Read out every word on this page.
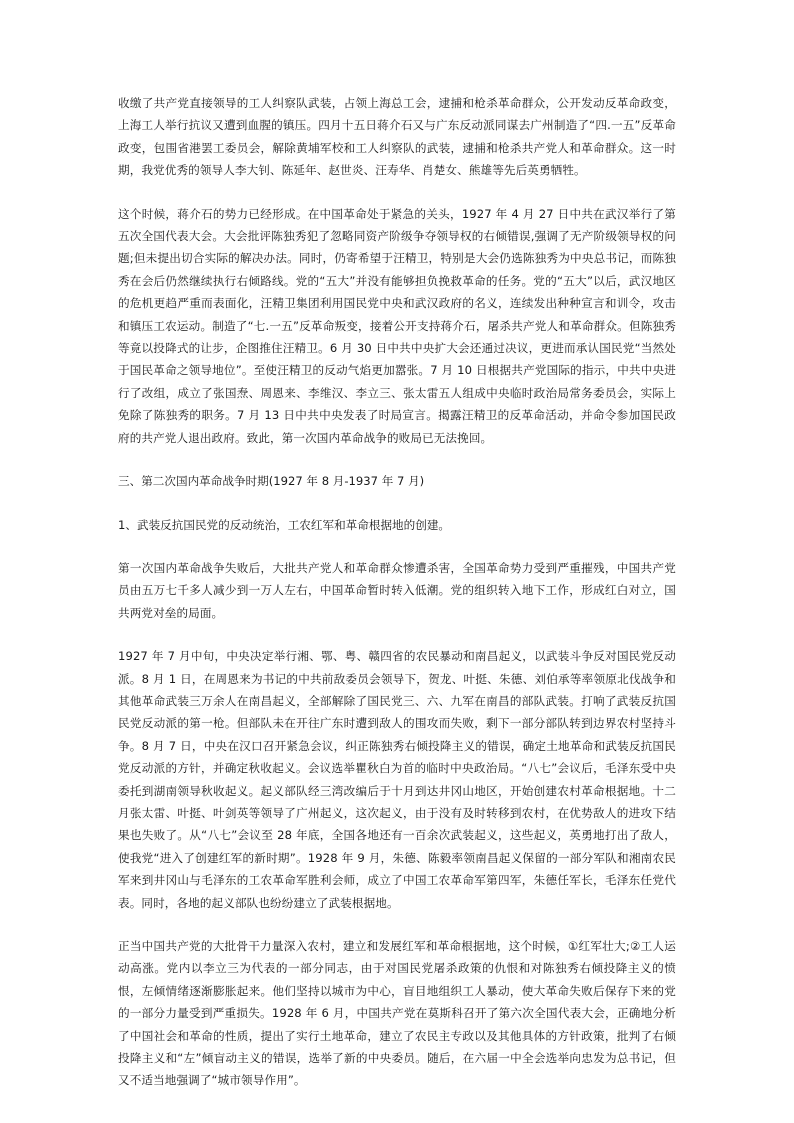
收缴了共产党直接领导的工人纠察队武装，占领上海总工会，逮捕和枪杀革命群众，公开发动反革命政变，上海工人举行抗议又遭到血腥的镇压。四月十五日蒋介石又与广东反动派同谋去广州制造了“四.一五”反革命政变，包围省港罢工委员会，解除黄埔军校和工人纠察队的武装，逮捕和枪杀共产党人和革命群众。这一时期，我党优秀的领导人李大钊、陈延年、赵世炎、汪寿华、肖楚女、熊雄等先后英勇牺牲。

这个时候，蒋介石的势力已经形成。在中国革命处于紧急的关头，1927 年 4 月 27 日中共在武汉举行了第五次全国代表大会。大会批评陈独秀犯了忽略同资产阶级争夺领导权的右倾错误,强调了无产阶级领导权的问题;但未提出切合实际的解决办法。同时，仍寄希望于汪精卫，特别是大会仍选陈独秀为中央总书记，而陈独秀在会后仍然继续执行右倾路线。党的“五大”并没有能够担负挽救革命的任务。党的“五大”以后，武汉地区的危机更趋严重而表面化，汪精卫集团利用国民党中央和武汉政府的名义，连续发出种种宣言和训令，攻击和镇压工农运动。制造了“七.一五”反革命叛变，接着公开支持蒋介石，屠杀共产党人和革命群众。但陈独秀等竟以投降式的让步，企图推住汪精卫。6 月 30 日中共中央扩大会还通过决议，更进而承认国民党“当然处于国民革命之领导地位”。至使汪精卫的反动气焰更加嚣张。7 月 10 日根据共产党国际的指示，中共中央进行了改组，成立了张国焘、周恩来、李维汉、李立三、张太雷五人组成中央临时政治局常务委员会，实际上免除了陈独秀的职务。7 月 13 日中共中央发表了时局宣言。揭露汪精卫的反革命活动，并命令参加国民政府的共产党人退出政府。致此，第一次国内革命战争的败局已无法挽回。

三、第二次国内革命战争时期(1927 年 8 月-1937 年 7 月)

1、武装反抗国民党的反动统治，工农红军和革命根据地的创建。

第一次国内革命战争失败后，大批共产党人和革命群众惨遭杀害，全国革命势力受到严重摧残，中国共产党员由五万七千多人减少到一万人左右，中国革命暂时转入低潮。党的组织转入地下工作，形成红白对立，国共两党对垒的局面。

1927 年 7 月中旬，中央决定举行湘、鄂、粤、赣四省的农民暴动和南昌起义，以武装斗争反对国民党反动派。8 月 1 日，在周恩来为书记的中共前敌委员会领导下，贺龙、叶挺、朱德、刘伯承等率领原北伐战争和其他革命武装三万余人在南昌起义，全部解除了国民党三、六、九军在南昌的部队武装。打响了武装反抗国民党反动派的第一枪。但部队未在开往广东时遭到敌人的围攻而失败，剩下一部分部队转到边界农村坚持斗争。8 月 7 日，中央在汉口召开紧急会议，纠正陈独秀右倾投降主义的错误，确定土地革命和武装反抗国民党反动派的方针，并确定秋收起义。会议选举瞿秋白为首的临时中央政治局。“八七”会议后，毛泽东受中央委托到湖南领导秋收起义。起义部队经三湾改编后于十月到达井冈山地区，开始创建农村革命根据地。十二月张太雷、叶挺、叶剑英等领导了广州起义，这次起义，由于没有及时转移到农村，在优势敌人的进攻下结果也失败了。从“八七”会议至 28 年底，全国各地还有一百余次武装起义，这些起义，英勇地打出了敌人，使我党“进入了创建红军的新时期”。1928 年 9 月，朱德、陈毅率领南昌起义保留的一部分军队和湘南农民军来到井冈山与毛泽东的工农革命军胜利会师，成立了中国工农革命军第四军，朱德任军长，毛泽东任党代表。同时，各地的起义部队也纷纷建立了武装根据地。

正当中国共产党的大批骨干力量深入农村，建立和发展红军和革命根据地，这个时候，①红军壮大;②工人运动高涨。党内以李立三为代表的一部分同志，由于对国民党屠杀政策的仇恨和对陈独秀右倾投降主义的愤恨，左倾情绪逐渐膨胀起来。他们坚持以城市为中心，盲目地组织工人暴动，使大革命失败后保存下来的党的一部分力量受到严重损失。1928 年 6 月，中国共产党在莫斯科召开了第六次全国代表大会，正确地分析了中国社会和革命的性质，提出了实行土地革命，建立了农民主专政以及其他具体的方针政策，批判了右倾投降主义和“左”倾盲动主义的错误，选举了新的中央委员。随后，在六届一中全会选举向忠发为总书记，但又不适当地强调了“城市领导作用”。
